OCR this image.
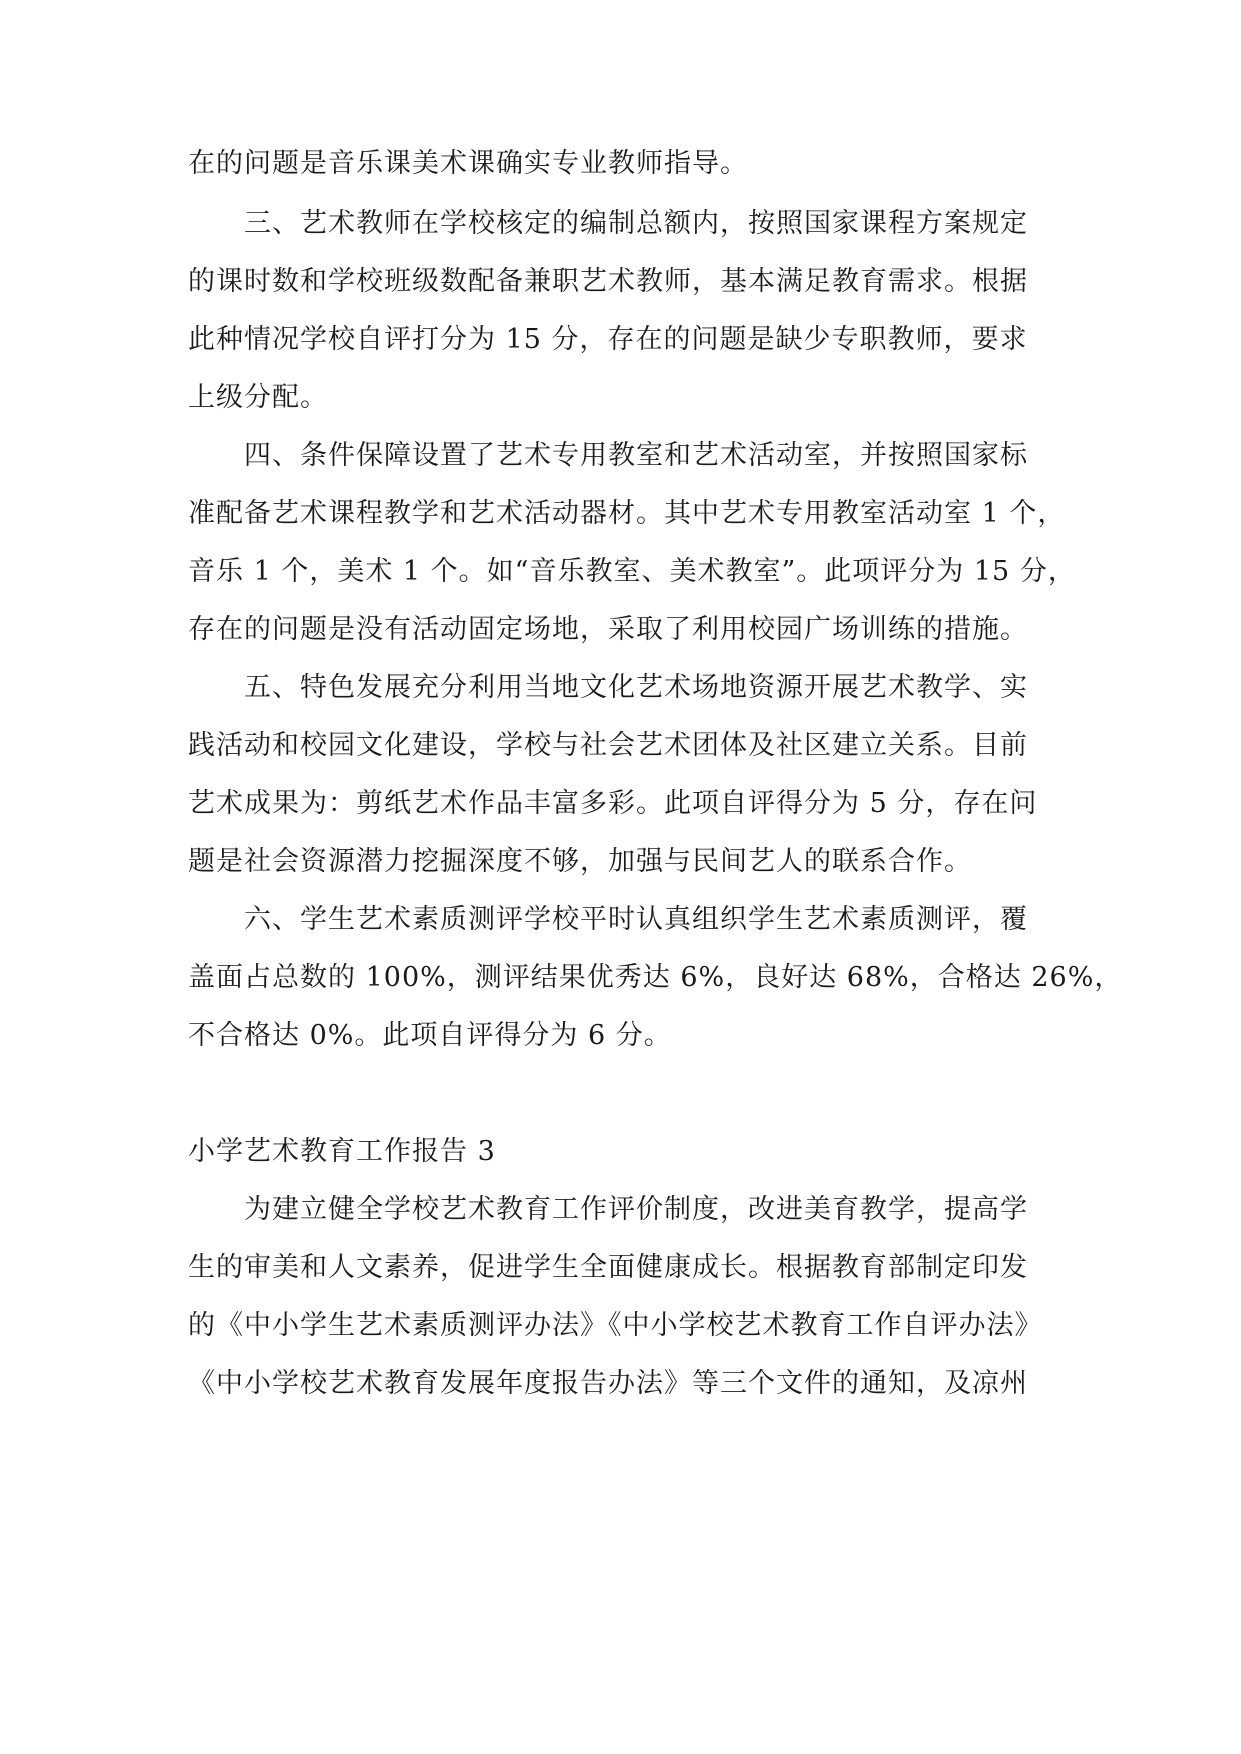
在的问题是音乐课美术课确实专业教师指导。
三、艺术教师在学校核定的编制总额内，按照国家课程方案规定
的课时数和学校班级数配备兼职艺术教师，基本满足教育需求。根据
此种情况学校自评打分为 15 分，存在的问题是缺少专职教师，要求
上级分配。
四、条件保障设置了艺术专用教室和艺术活动室，并按照国家标
准配备艺术课程教学和艺术活动器材。其中艺术专用教室活动室 1 个，
音乐 1 个，美术 1 个。如“音乐教室、美术教室”。此项评分为 15 分，
存在的问题是没有活动固定场地，采取了利用校园广场训练的措施。
五、特色发展充分利用当地文化艺术场地资源开展艺术教学、实
践活动和校园文化建设，学校与社会艺术团体及社区建立关系。目前
艺术成果为：剪纸艺术作品丰富多彩。此项自评得分为 5 分，存在问
题是社会资源潜力挖掘深度不够，加强与民间艺人的联系合作。
六、学生艺术素质测评学校平时认真组织学生艺术素质测评，覆
盖面占总数的 100%，测评结果优秀达 6%，良好达 68%，合格达 26%，
不合格达 0%。此项自评得分为 6 分。
小学艺术教育工作报告 3
为建立健全学校艺术教育工作评价制度，改进美育教学，提高学
生的审美和人文素养，促进学生全面健康成长。根据教育部制定印发
的《中小学生艺术素质测评办法》《中小学校艺术教育工作自评办法》
《中小学校艺术教育发展年度报告办法》等三个文件的通知，及凉州
